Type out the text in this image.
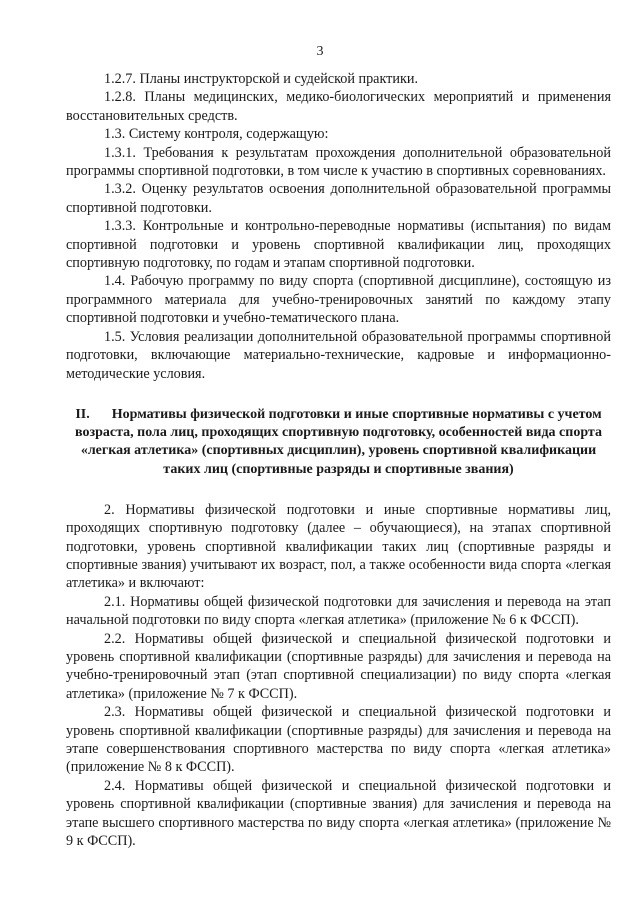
3

1.2.7. Планы инструкторской и судейской практики.

1.2.8. Планы медицинских, медико-биологических мероприятий и применения восстановительных средств.

1.3. Систему контроля, содержащую:

1.3.1. Требования к результатам прохождения дополнительной образовательной программы спортивной подготовки, в том числе к участию в спортивных соревнованиях.

1.3.2. Оценку результатов освоения дополнительной образовательной программы спортивной подготовки.

1.3.3. Контрольные и контрольно-переводные нормативы (испытания) по видам спортивной подготовки и уровень спортивной квалификации лиц, проходящих спортивную подготовку, по годам и этапам спортивной подготовки.

1.4. Рабочую программу по виду спорта (спортивной дисциплине), состоящую из программного материала для учебно-тренировочных занятий по каждому этапу спортивной подготовки и учебно-тематического плана.

1.5. Условия реализации дополнительной образовательной программы спортивной подготовки, включающие материально-технические, кадровые и информационно-методические условия.

II. Нормативы физической подготовки и иные спортивные нормативы с учетом возраста, пола лиц, проходящих спортивную подготовку, особенностей вида спорта «легкая атлетика» (спортивных дисциплин), уровень спортивной квалификации таких лиц (спортивные разряды и спортивные звания)

2. Нормативы физической подготовки и иные спортивные нормативы лиц, проходящих спортивную подготовку (далее – обучающиеся), на этапах спортивной подготовки, уровень спортивной квалификации таких лиц (спортивные разряды и спортивные звания) учитывают их возраст, пол, а также особенности вида спорта «легкая атлетика» и включают:

2.1. Нормативы общей физической подготовки для зачисления и перевода на этап начальной подготовки по виду спорта «легкая атлетика» (приложение № 6 к ФССП).

2.2. Нормативы общей физической и специальной физической подготовки и уровень спортивной квалификации (спортивные разряды) для зачисления и перевода на учебно-тренировочный этап (этап спортивной специализации) по виду спорта «легкая атлетика» (приложение № 7 к ФССП).

2.3. Нормативы общей физической и специальной физической подготовки и уровень спортивной квалификации (спортивные разряды) для зачисления и перевода на этапе совершенствования спортивного мастерства по виду спорта «легкая атлетика» (приложение № 8 к ФССП).

2.4. Нормативы общей физической и специальной физической подготовки и уровень спортивной квалификации (спортивные звания) для зачисления и перевода на этапе высшего спортивного мастерства по виду спорта «легкая атлетика» (приложение № 9 к ФССП).
